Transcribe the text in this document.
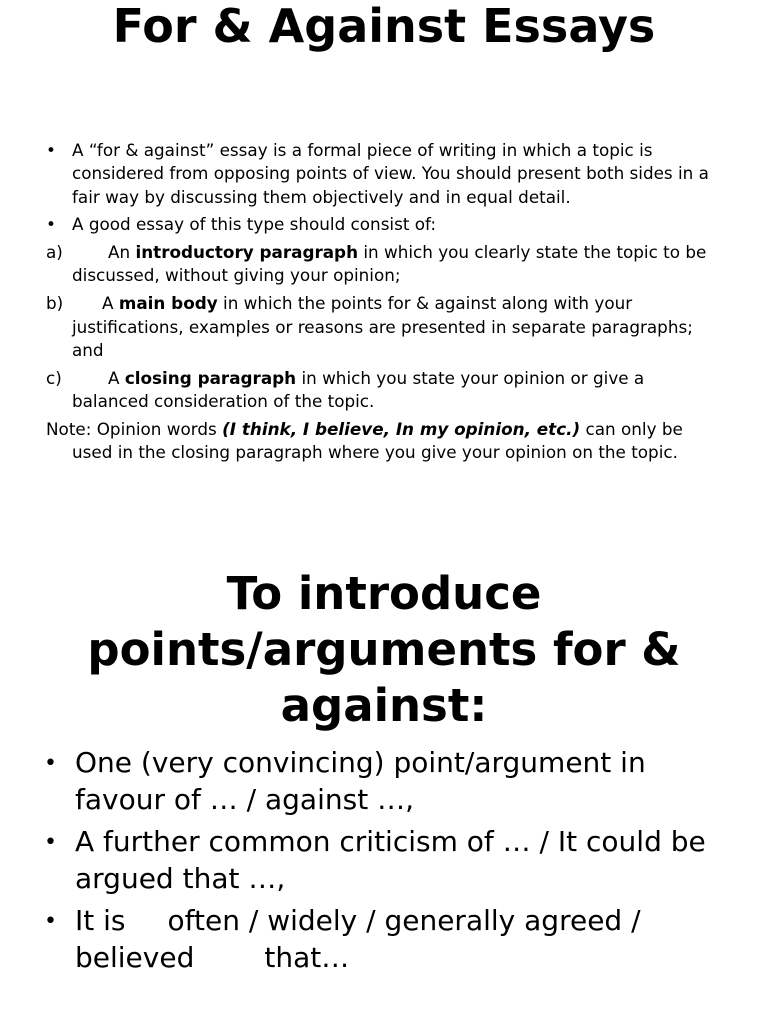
For & Against Essays
• A “for & against” essay is a formal piece of writing in which a topic is considered from opposing points of view. You should present both sides in a fair way by discussing them objectively and in equal detail.
• A good essay of this type should consist of:
a)	An introductory paragraph in which you clearly state the topic to be discussed, without giving your opinion;
b) A main body in which the points for & against along with your justifications, examples or reasons are presented in separate paragraphs; and
c)	A closing paragraph in which you state your opinion or give a balanced consideration of the topic.
Note: Opinion words (I think, I believe, In my opinion, etc.) can only be used in the closing paragraph where you give your opinion on the topic.
To introduce points/arguments for & against:
• One (very convincing) point/argument in favour of … / against …,
• A further common criticism of … / It could be argued that …,
• It is often / widely / generally agreed / believed	that…
